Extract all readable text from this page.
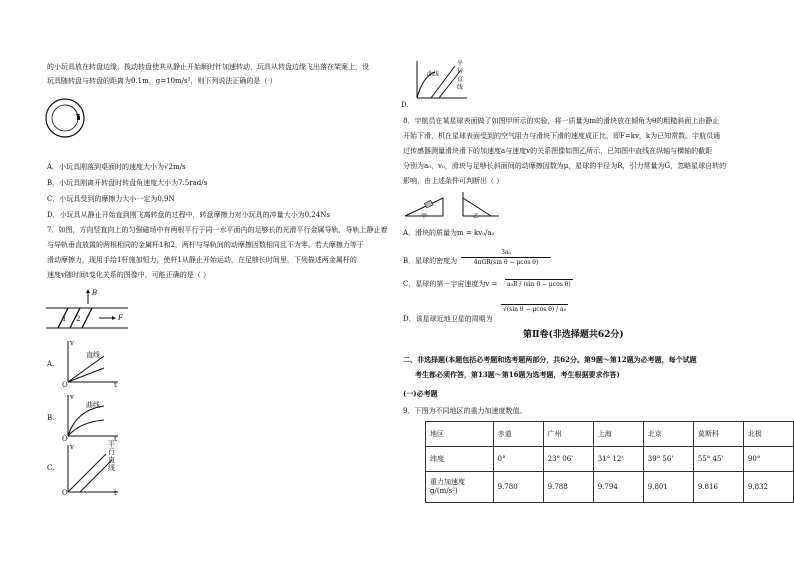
的小玩具放在转盘边缘，拨动转盘使其从静止开始顺时针加速转动，玩具从转盘边缘飞出落在架案上，设
玩具随转盘与转盘的距离为0.1m，g=10m/s²，则下列说法正确的是（ ）
A．小玩具刚落到桌面时的速度大小为√2m/s
B．小玩具刚离开转盘时转盘角速度大小为7.5rad/s
C．小玩具受到的摩擦力大小一定为0.9N
D．小玩具从静止开始直到刚飞离转盘的过程中，转盘摩擦力对小玩具的冲量大小为0.24Ns
7．如图，方向竖直向上的匀强磁场中有两根平行于同一水平面内的足够长的光滑平行金属导轨，导轨上静止着
与导轨垂直放置的两根相同的金属杆1和2，两杆与导轨间的动摩擦因数相同且不为零。若大摩擦力等于
滑动摩擦力，现用手给1杆施加恒力，使杆1从静止开始运动，在足够长时间里，下列描述两金属杆的
速度v随时间t变化关系的图像中，可能正确的是（ ）
B
F
1 2
A.
v
t
O
直线
B.
v
t
O
曲线
C.
v
t
O
平行直线
曲线
平行直线
D.
8．宇航员在某星球表面做了如图甲所示的实验，将一质量为m的滑块放在倾角为θ的粗糙斜面上由静止
开始下滑，机在星球表面受到的空气阻力与滑块下滑的速度成正比，即F=kv，k为已知常数。宇航员通
过传感器测量滑块滑下的加速度a与速度v的关系图像如图乙所示，已知图中直线在纵轴与横轴的截距
分别为a₀、v₀，滑块与足够长斜面间的动摩擦因数为μ，星球的半径为R，引力常量为G，忽略星球自转的
影响，由上述条件可判断出（ ）
甲	乙
A．滑块的质量为m = kv₀/a₀
B．星球的密度为
3a₀
4πGR(sin θ − μcos θ)
C．星球的第一宇宙速度为v =	a₀R / (sin θ − μcos θ)
D．该星球近地卫星的周期为
√(sin θ − μcos θ) / a₀
第Ⅱ卷(非选择题共62分)
二、非选择题(本题包括必考题和选考题两部分，共62分。第9题～第12题为必考题，每个试题
考生都必须作答，第13题～第16题为选考题，考生根据要求作答)
(一)必考题
9．下图为不同地区的重力加速度数值。
地区	赤道	广州	上海	北京	莫斯科	北极
纬度	0°	23° 06'	31° 12'	39° 56'	55° 45'	90°
重力加速度
g/(m/s²)	9.780	9.788	9.794	9.801	9.816	9.832
